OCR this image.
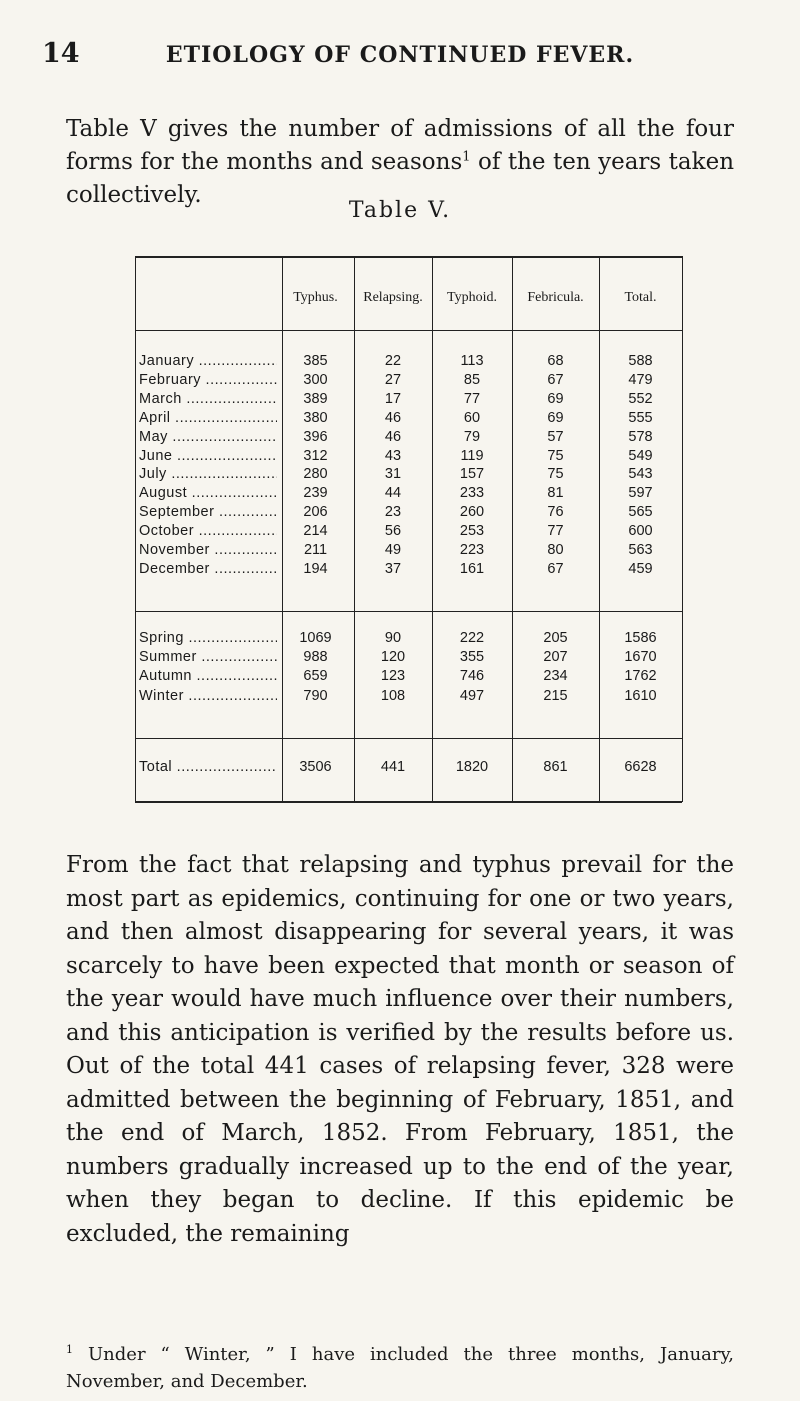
14	ETIOLOGY OF CONTINUED FEVER.

Table V gives the number of admissions of all the four forms for the months and seasons$^1$ of the ten years taken collectively.

Table V.
Typhus.	Relapsing.	Typhoid.	Febricula.	Total.
January .....	385	22	113	68	588
February .....	300	27	85	67	479
March .....	389	17	77	69	552
April .....	380	46	60	69	555
May .....	396	46	79	57	578
June .....	312	43	119	75	549
July .....	280	31	157	75	543
August .....	239	44	233	81	597
September .....	206	23	260	76	565
October .....	214	56	253	77	600
November .....	211	49	223	80	563
December .....	194	37	161	67	459
Spring .....	1069	90	222	205	1586
Summer .....	988	120	355	207	1670
Autumn .....	659	123	746	234	1762
Winter .....	790	108	497	215	1610
Total .....	3506	441	1820	861	6628

From the fact that relapsing and typhus prevail for the most part as epidemics, continuing for one or two years, and then almost disappearing for several years, it was scarcely to have been expected that month or season of the year would have much influence over their numbers, and this anticipation is verified by the results before us. Out of the total 441 cases of relapsing fever, 328 were admitted between the beginning of February, 1851, and the end of March, 1852. From February, 1851, the numbers gradually increased up to the end of the year, when they began to decline. If this epidemic be excluded, the remaining

$^1$ Under “ Winter, ” I have included the three months, January, November, and December.
